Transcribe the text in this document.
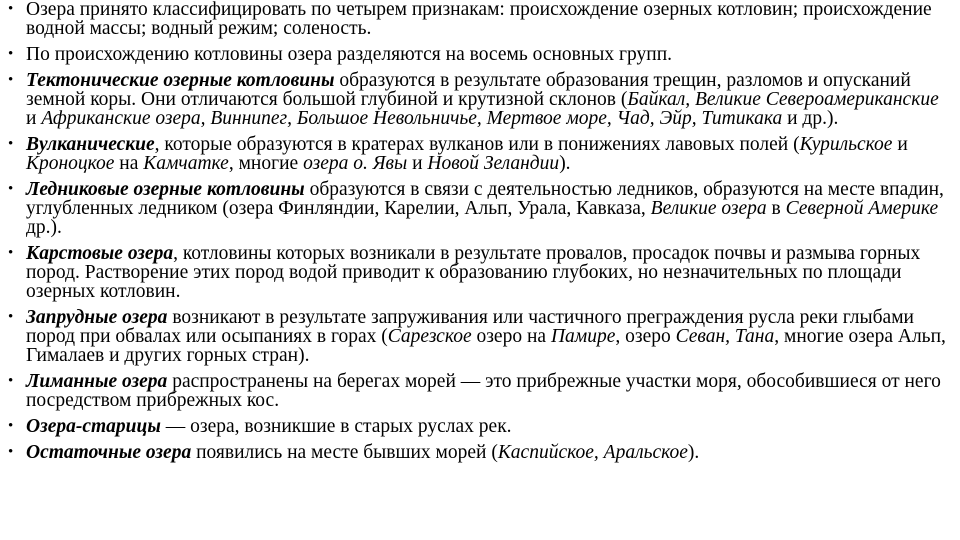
• Озера принято классифицировать по четырем признакам: происхождение озерных котловин; происхождение водной массы; водный режим; соленость.
• По происхождению котловины озера разделяются на восемь основных групп.
• Тектонические озерные котловины образуются в результате образования трещин, разломов и опусканий земной коры. Они отличаются большой глубиной и крутизной склонов (Байкал, Великие Североамериканские и Африканские озера, Виннипег, Большое Невольничье, Мертвое море, Чад, Эйр, Титикака и др.).
• Вулканические, которые образуются в кратерах вулканов или в понижениях лавовых полей (Курильское и Кроноцкое на Камчатке, многие озера о. Явы и Новой Зеландии).
• Ледниковые озерные котловины образуются в связи с деятельностью ледников, образуются на месте впадин, углубленных ледником (озера Финляндии, Карелии, Альп, Урала, Кавказа, Великие озера в Северной Америке др.).
• Карстовые озера, котловины которых возникали в результате провалов, просадок почвы и размыва горных пород. Растворение этих пород водой приводит к образованию глубоких, но незначительных по площади озерных котловин.
• Запрудные озера возникают в результате запруживания или частичного преграждения русла реки глыбами пород при обвалах или осыпаниях в горах (Сарезское озеро на Памире, озеро Севан, Тана, многие озера Альп, Гималаев и других горных стран).
• Лиманные озера распространены на берегах морей — это прибрежные участки моря, обособившиеся от него посредством прибрежных кос.
• Озера-старицы — озера, возникшие в старых руслах рек.
• Остаточные озера появились на месте бывших морей (Каспийское, Аральское).
